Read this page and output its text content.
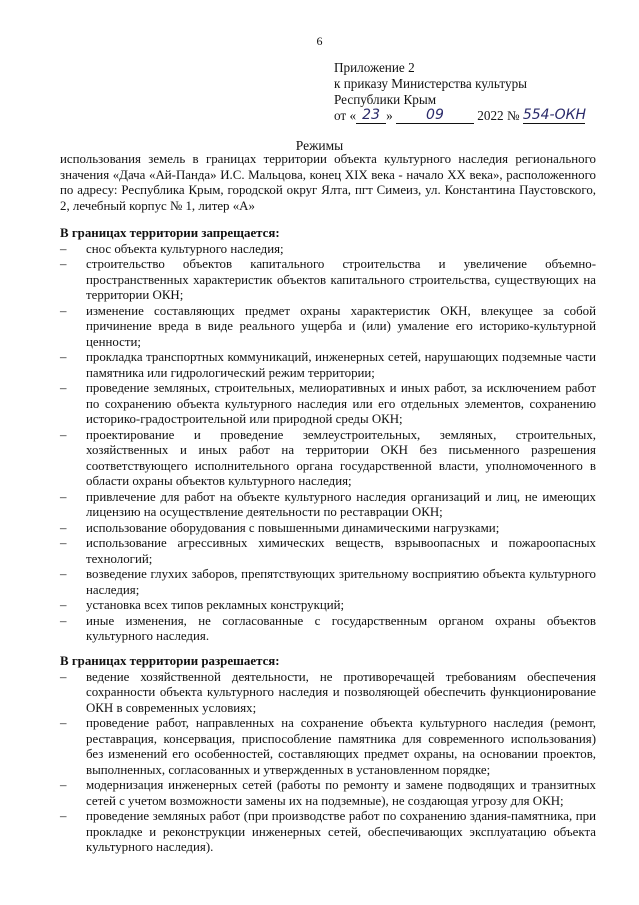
6
Приложение 2
к приказу Министерства культуры
Республики Крым
от « 23 » 09	2022 № 554-ОКН
Режимы
использования земель в границах территории объекта культурного наследия регионального значения «Дача «Ай-Панда» И.С. Мальцова, конец XIX века - начало XX века», расположенного по адресу: Республика Крым, городской округ Ялта, пгт Симеиз, ул. Константина Паустовского, 2, лечебный корпус № 1, литер «А»
В границах территории запрещается:
– снос объекта культурного наследия;
– строительство объектов капитального строительства и увеличение объемно-пространственных характеристик объектов капитального строительства, существующих на территории ОКН;
– изменение составляющих предмет охраны характеристик ОКН, влекущее за собой причинение вреда в виде реального ущерба и (или) умаление его историко-культурной ценности;
– прокладка транспортных коммуникаций, инженерных сетей, нарушающих подземные части памятника или гидрологический режим территории;
– проведение земляных, строительных, мелиоративных и иных работ, за исключением работ по сохранению объекта культурного наследия или его отдельных элементов, сохранению историко-градостроительной или природной среды ОКН;
– проектирование и проведение землеустроительных, земляных, строительных, хозяйственных и иных работ на территории ОКН без письменного разрешения соответствующего исполнительного органа государственной власти, уполномоченного в области охраны объектов культурного наследия;
– привлечение для работ на объекте культурного наследия организаций и лиц, не имеющих лицензию на осуществление деятельности по реставрации ОКН;
– использование оборудования с повышенными динамическими нагрузками;
– использование агрессивных химических веществ, взрывоопасных и пожароопасных технологий;
– возведение глухих заборов, препятствующих зрительному восприятию объекта культурного наследия;
– установка всех типов рекламных конструкций;
– иные изменения, не согласованные с государственным органом охраны объектов культурного наследия.
В границах территории разрешается:
– ведение хозяйственной деятельности, не противоречащей требованиям обеспечения сохранности объекта культурного наследия и позволяющей обеспечить функционирование ОКН в современных условиях;
– проведение работ, направленных на сохранение объекта культурного наследия (ремонт, реставрация, консервация, приспособление памятника для современного использования) без изменений его особенностей, составляющих предмет охраны, на основании проектов, выполненных, согласованных и утвержденных в установленном порядке;
– модернизация инженерных сетей (работы по ремонту и замене подводящих и транзитных сетей с учетом возможности замены их на подземные), не создающая угрозу для ОКН;
– проведение земляных работ (при производстве работ по сохранению здания-памятника, при прокладке и реконструкции инженерных сетей, обеспечивающих эксплуатацию объекта культурного наследия).
